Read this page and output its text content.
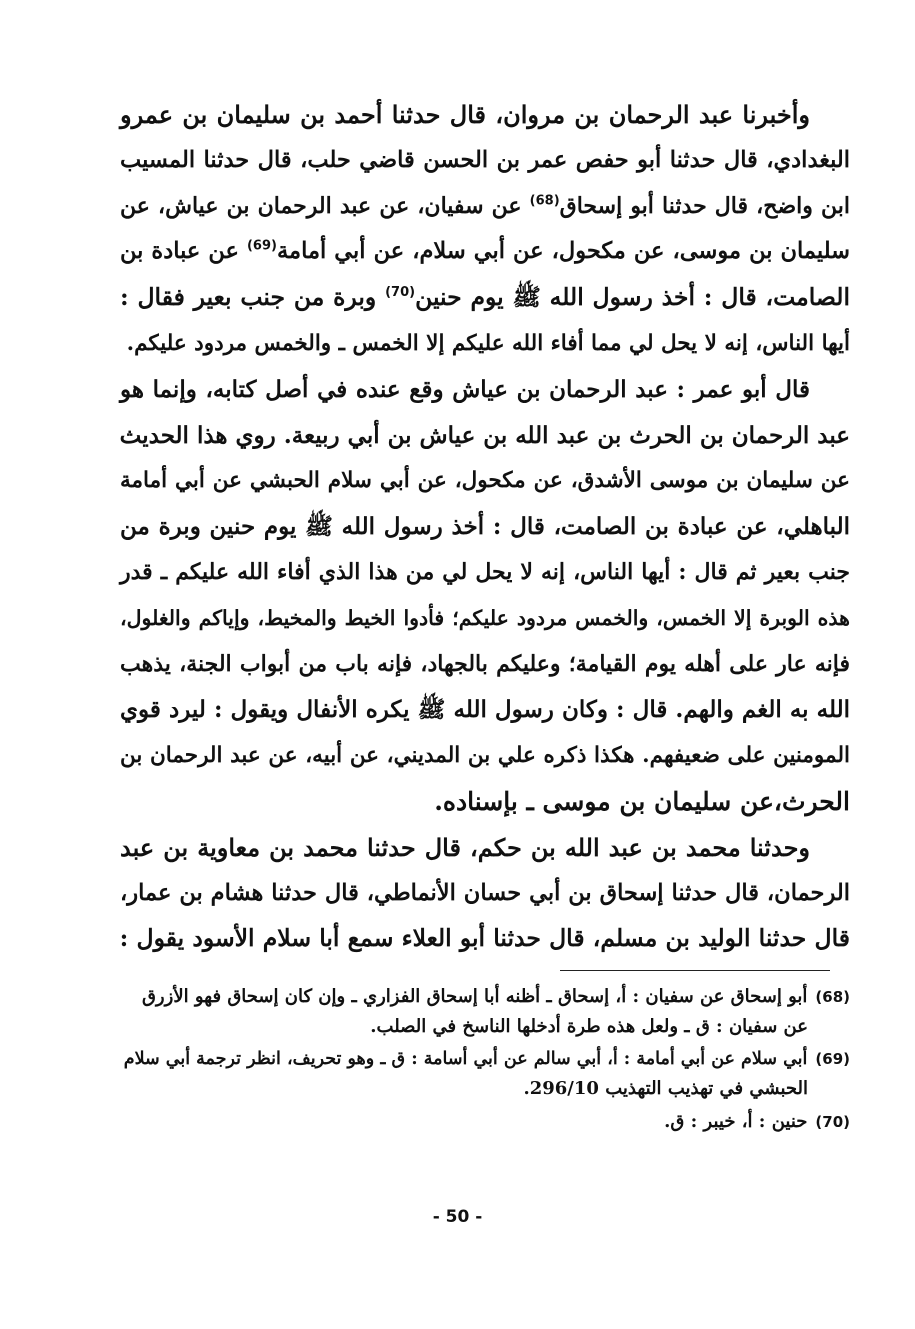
وأخبرنا عبد الرحمان بن مروان، قال حدثنا أحمد بن سليمان بن عمرو
البغدادي، قال حدثنا أبو حفص عمر بن الحسن قاضي حلب، قال حدثنا المسيب
ابن واضح، قال حدثنا أبو إسحاق$^{(68)}$ عن سفيان، عن عبد الرحمان بن عياش، عن
سليمان بن موسى، عن مكحول، عن أبي سلام، عن أبي أمامة$^{(69)}$ عن عبادة بن
الصامت، قال : أخذ رسول الله ﷺ يوم حنين$^{(70)}$ وبرة من جنب بعير فقال :
أيها الناس، إنه لا يحل لي مما أفاء الله عليكم إلا الخمس ـ والخمس مردود عليكم.

قال أبو عمر : عبد الرحمان بن عياش وقع عنده في أصل كتابه، وإنما هو
عبد الرحمان بن الحرث بن عبد الله بن عياش بن أبي ربيعة. روي هذا الحديث
عن سليمان بن موسى الأشدق، عن مكحول، عن أبي سلام الحبشي عن أبي أمامة
الباهلي، عن عبادة بن الصامت، قال : أخذ رسول الله ﷺ يوم حنين وبرة من
جنب بعير ثم قال : أيها الناس، إنه لا يحل لي من هذا الذي أفاء الله عليكم ـ قدر
هذه الوبرة إلا الخمس، والخمس مردود عليكم؛ فأدوا الخيط والمخيط، وإياكم والغلول،
فإنه عار على أهله يوم القيامة؛ وعليكم بالجهاد، فإنه باب من أبواب الجنة، يذهب
الله به الغم والهم. قال : وكان رسول الله ﷺ يكره الأنفال ويقول : ليرد قوي
المومنين على ضعيفهم. هكذا ذكره علي بن المديني، عن أبيه، عن عبد الرحمان بن
الحرث،عن سليمان بن موسى ـ بإسناده.

وحدثنا محمد بن عبد الله بن حكم، قال حدثنا محمد بن معاوية بن عبد
الرحمان، قال حدثنا إسحاق بن أبي حسان الأنماطي، قال حدثنا هشام بن عمار،
قال حدثنا الوليد بن مسلم، قال حدثنا أبو العلاء سمع أبا سلام الأسود يقول :

(68)أبو إسحاق عن سفيان : أ، إسحاق ـ أظنه أبا إسحاق الفزاري ـ وإن كان إسحاق فهو الأزرق
عن سفيان : ق ـ ولعل هذه طرة أدخلها الناسخ في الصلب.
(69)أبي سلام عن أبي أمامة : أ، أبي سالم عن أبي أسامة : ق ـ وهو تحريف، انظر ترجمة أبي سلام
الحبشي في تهذيب التهذيب 296/10.
(70)حنين : أ، خيبر : ق.
- 50 -
